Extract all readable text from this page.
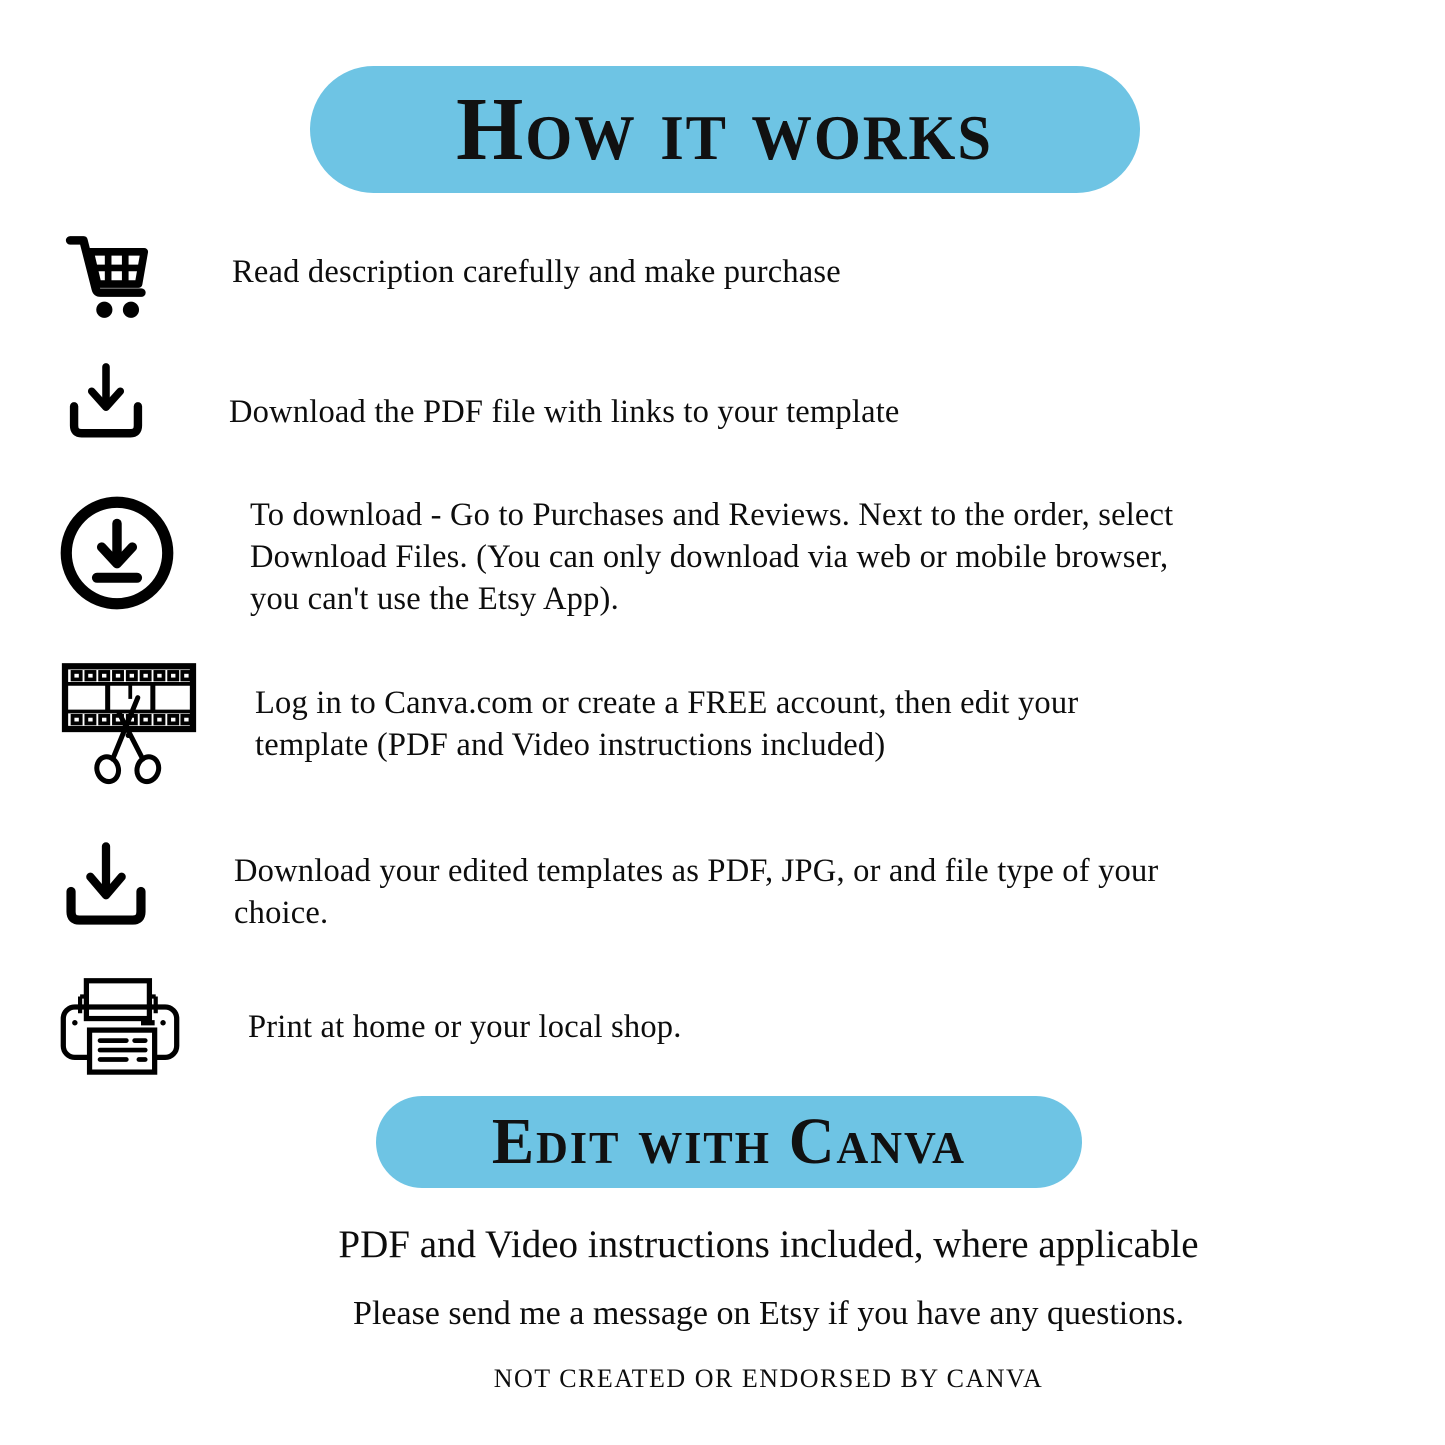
How it works
Read description carefully and make purchase
Download the PDF file with links to your template
To download - Go to Purchases and Reviews. Next to the order, select
Download Files. (You can only download via web or mobile browser,
you can't use the Etsy App).
Log in to Canva.com or create a FREE account, then edit your
template (PDF and Video instructions included)
Download your edited templates as PDF, JPG, or and file type of your
choice.
Print at home or your local shop.
Edit with Canva
PDF and Video instructions included, where applicable
Please send me a message on Etsy if you have any questions.
NOT CREATED OR ENDORSED BY CANVA
